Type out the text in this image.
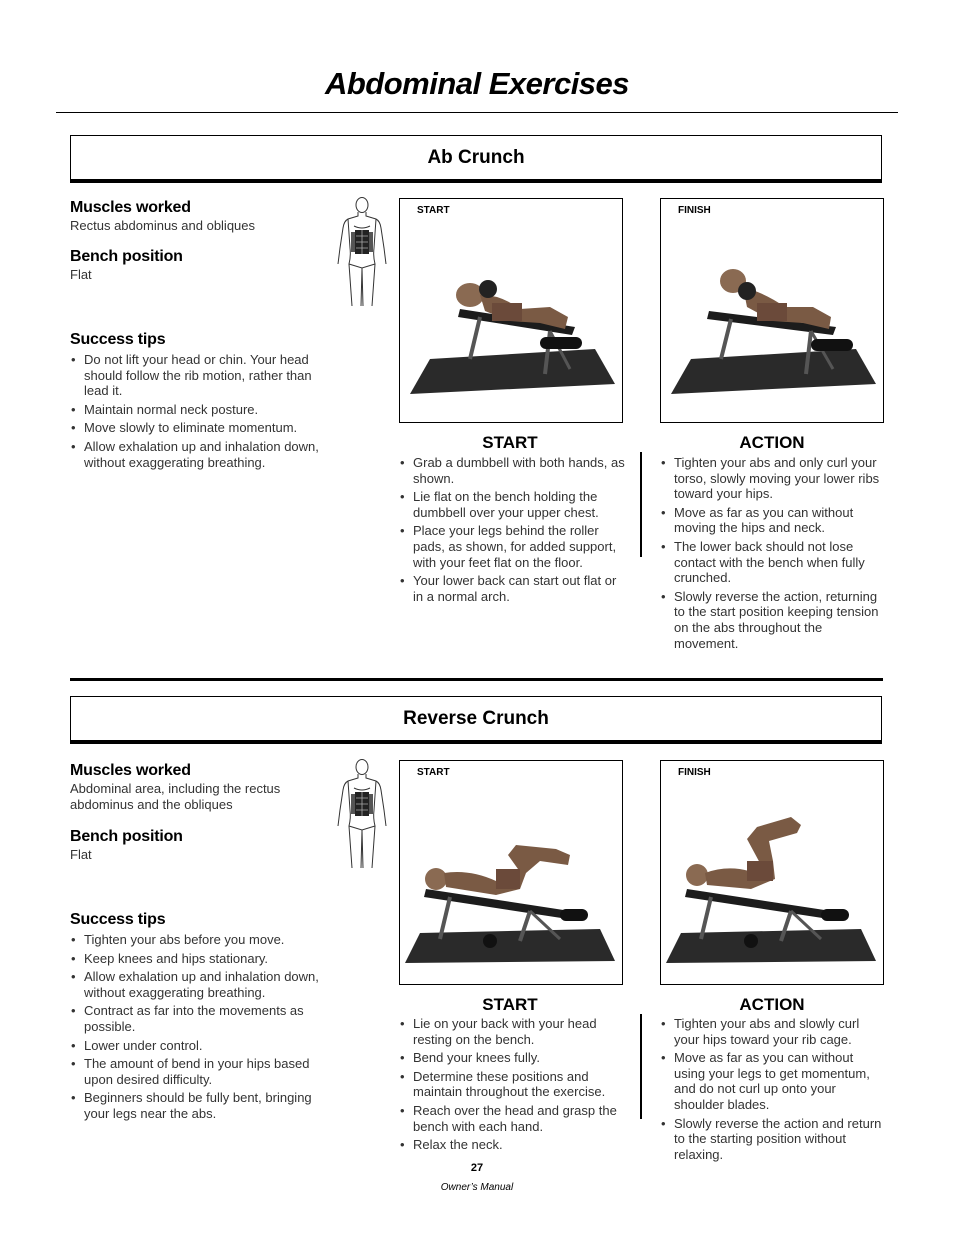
Abdominal Exercises
Ab Crunch
Muscles worked
Rectus abdominus and obliques
Bench position
Flat
Success tips
• Do not lift your head or chin. Your head should follow the rib motion, rather than lead it.
• Maintain normal neck posture.
• Move slowly to eliminate momentum.
• Allow exhalation up and inhalation down, without exaggerating breathing.
START	FINISH
START
• Grab a dumbbell with both hands, as shown.
• Lie flat on the bench holding the dumbbell over your upper chest.
• Place your legs behind the roller pads, as shown, for added support, with your feet flat on the floor.
• Your lower back can start out flat or in a normal arch.
ACTION
• Tighten your abs and only curl your torso, slowly moving your lower ribs toward your hips.
• Move as far as you can without moving the hips and neck.
• The lower back should not lose contact with the bench when fully crunched.
• Slowly reverse the action, returning to the start position keeping tension on the abs throughout the movement.
Reverse Crunch
Muscles worked
Abdominal area, including the rectus abdominus and the obliques
Bench position
Flat
Success tips
• Tighten your abs before you move.
• Keep knees and hips stationary.
• Allow exhalation up and inhalation down, without exaggerating breathing.
• Contract as far into the movements as possible.
• Lower under control.
• The amount of bend in your hips based upon desired difficulty.
• Beginners should be fully bent, bringing your legs near the abs.
START	FINISH
START
• Lie on your back with your head resting on the bench.
• Bend your knees fully.
• Determine these positions and maintain throughout the exercise.
• Reach over the head and grasp the bench with each hand.
• Relax the neck.
ACTION
• Tighten your abs and slowly curl your hips toward your rib cage.
• Move as far as you can without using your legs to get momentum, and do not curl up onto your shoulder blades.
• Slowly reverse the action and return to the starting position without relaxing.
27
Owner’s Manual
